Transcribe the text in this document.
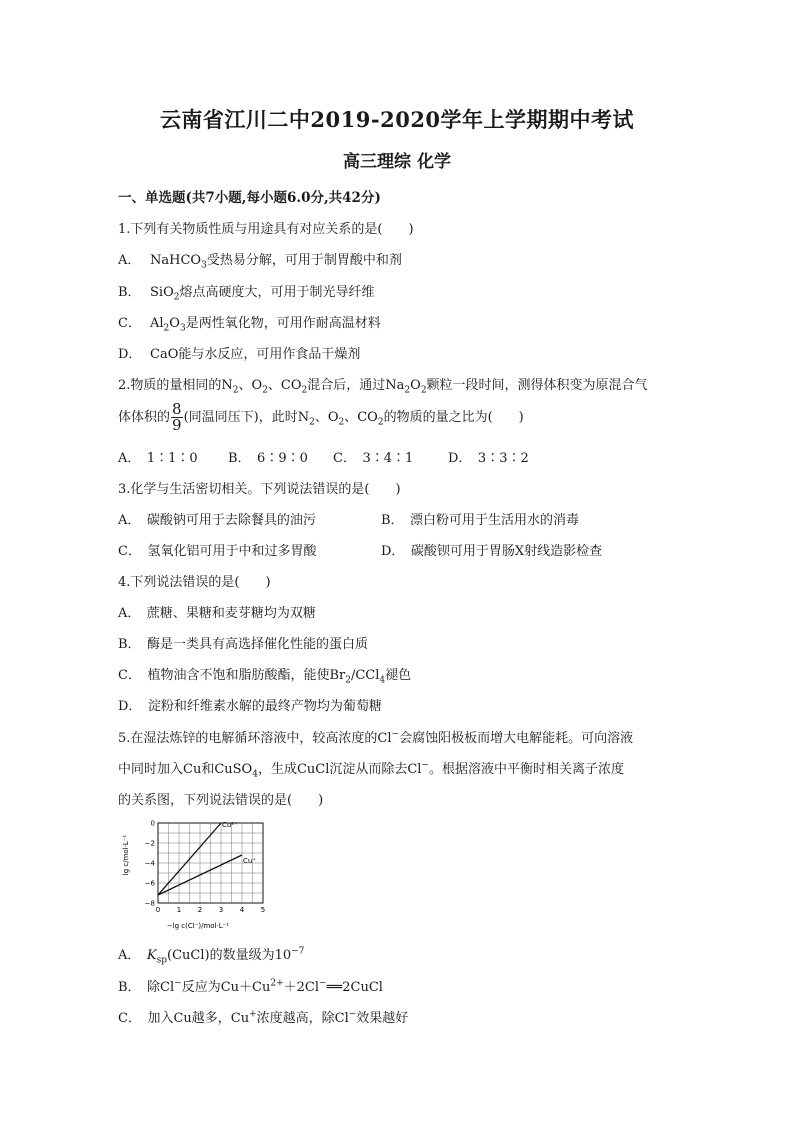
云南省江川二中2019-2020学年上学期期中考试
高三理综 化学
一、单选题(共7小题,每小题6.0分,共42分)
1.下列有关物质性质与用途具有对应关系的是(　　)
A． NaHCO$_3$受热易分解，可用于制胃酸中和剂
B． SiO$_2$熔点高硬度大，可用于制光导纤维
C． $Al_2O_3$是两性氧化物，可用作耐高温材料
D． CaO能与水反应，可用作食品干燥剂
2.物质的量相同的$N_2$、$O_2$、$CO_2$混合后，通过$Na_2O_2$颗粒一段时间，测得体积变为原混合气
体体积的 $\frac{8}{9}$ (同温同压下)，此时$N_2$、$O_2$、$CO_2$的物质的量之比为(　　)
A．　1∶1∶0 B．　6∶9∶0 C．　3∶4∶1	D．　3∶3∶2
3.化学与生活密切相关。下列说法错误的是(　　)
A．　碳酸钠可用于去除餐具的油污	B．　漂白粉可用于生活用水的消毒
C．　氢氧化铝可用于中和过多胃酸	D．　碳酸钡可用于胃肠X射线造影检查
4.下列说法错误的是(　　)
A．　蔗糖、果糖和麦芽糖均为双糖
B．　酶是一类具有高选择催化性能的蛋白质
C．　植物油含不饱和脂肪酸酯，能使$Br_2/CCl_4$褪色
D．　淀粉和纤维素水解的最终产物均为葡萄糖
5.在湿法炼锌的电解循环溶液中，较高浓度的Cl−会腐蚀阳极板而增大电解能耗。可向溶液
中同时加入Cu和CuSO$_4$，生成CuCl沉淀从而除去Cl−。根据溶液中平衡时相关离子浓度
的关系图，下列说法错误的是(　　)
Cu²⁺
Cu⁺
0 1 2 3 4 5
0
−2
−4
−6
−8
lg c/mol·L⁻¹
−lg c(Cl⁻)/mol·L⁻¹
A．　$K_{sp}(CuCl)$的数量级为$10^{-7}$
B．　除Cl−反应为$Cu+Cu^{2+}+2Cl^-══2CuCl$
C．　加入Cu越多，Cu+浓度越高，除Cl−效果越好
